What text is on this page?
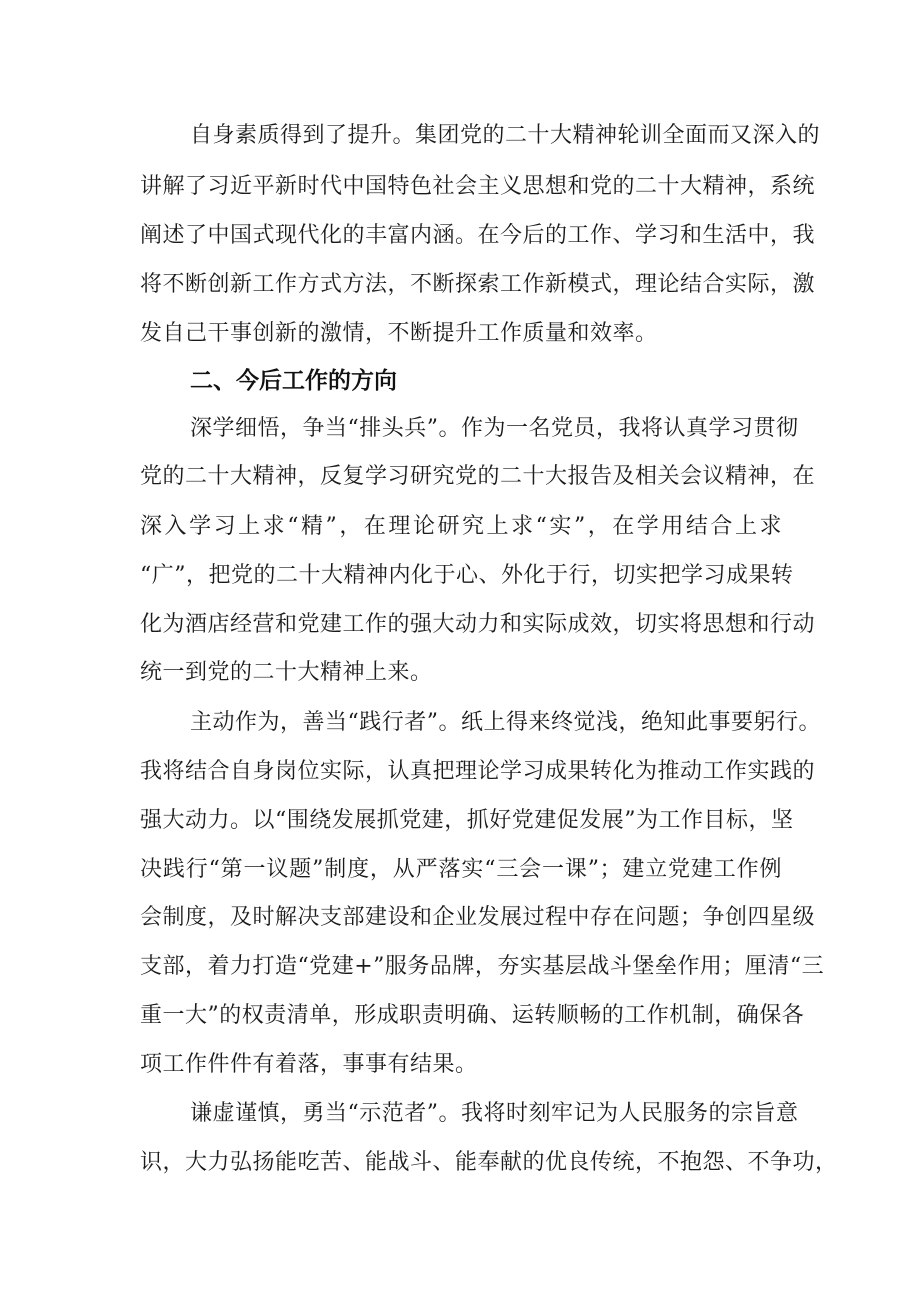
自身素质得到了提升。集团党的二十大精神轮训全面而又深入的
讲解了习近平新时代中国特色社会主义思想和党的二十大精神，系统
阐述了中国式现代化的丰富内涵。在今后的工作、学习和生活中，我
将不断创新工作方式方法，不断探索工作新模式，理论结合实际，激
发自己干事创新的激情，不断提升工作质量和效率。
二、今后工作的方向
深学细悟，争当“排头兵”。作为一名党员，我将认真学习贯彻
党的二十大精神，反复学习研究党的二十大报告及相关会议精神，在
深入学习上求“精”，在理论研究上求“实”，在学用结合上求
“广”，把党的二十大精神内化于心、外化于行，切实把学习成果转
化为酒店经营和党建工作的强大动力和实际成效，切实将思想和行动
统一到党的二十大精神上来。
主动作为，善当“践行者”。纸上得来终觉浅，绝知此事要躬行。
我将结合自身岗位实际，认真把理论学习成果转化为推动工作实践的
强大动力。以“围绕发展抓党建，抓好党建促发展”为工作目标，坚
决践行“第一议题”制度，从严落实“三会一课”；建立党建工作例
会制度，及时解决支部建设和企业发展过程中存在问题；争创四星级
支部，着力打造“党建+”服务品牌，夯实基层战斗堡垒作用；厘清“三
重一大”的权责清单，形成职责明确、运转顺畅的工作机制，确保各
项工作件件有着落，事事有结果。
谦虚谨慎，勇当“示范者”。我将时刻牢记为人民服务的宗旨意
识，大力弘扬能吃苦、能战斗、能奉献的优良传统，不抱怨、不争功，
